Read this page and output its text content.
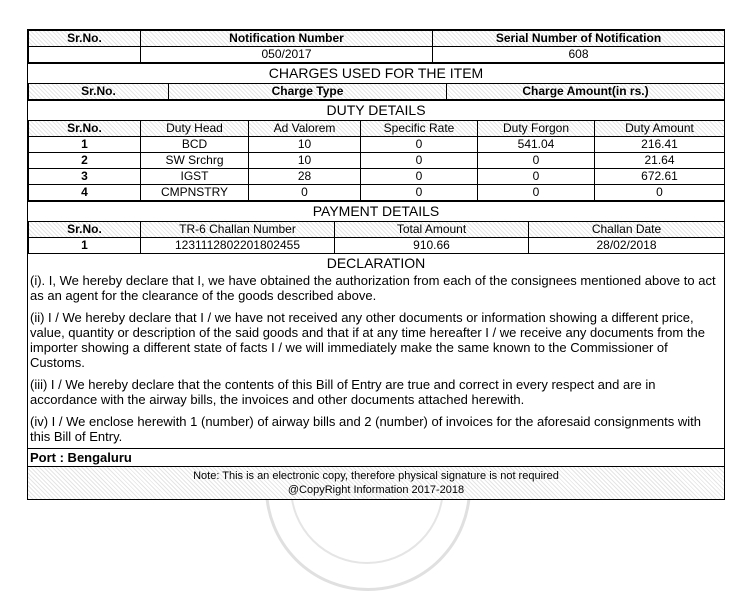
Sr.No.	Notification Number	Serial Number of Notification
	050/2017	608
CHARGES USED FOR THE ITEM
Sr.No.	Charge Type	Charge Amount(in rs.)
DUTY DETAILS
Sr.No.	Duty Head	Ad Valorem	Specific Rate	Duty Forgon	Duty Amount
1	BCD	10	0	541.04	216.41
2	SW Srchrg	10	0	0	21.64
3	IGST	28	0	0	672.61
4	CMPNSTRY	0	0	0	0
PAYMENT DETAILS
Sr.No.	TR-6 Challan Number	Total Amount	Challan Date
1	1231112802201802455	910.66	28/02/2018
DECLARATION

(i). I, We hereby declare that I, we have obtained the authorization from each of the consignees mentioned above to act as an agent for the clearance of the goods described above.

(ii) I / We hereby declare that I / we have not received any other documents or information showing a different price, value, quantity or description of the said goods and that if at any time hereafter I / we receive any documents from the importer showing a different state of facts I / we will immediately make the same known to the Commissioner of Customs.

(iii) I / We hereby declare that the contents of this Bill of Entry are true and correct in every respect and are in accordance with the airway bills, the invoices and other documents attached herewith.

(iv) I / We enclose herewith 1 (number) of airway bills and 2 (number) of invoices for the aforesaid consignments with this Bill of Entry.

Port : Bengaluru
Note: This is an electronic copy, therefore physical signature is not required
@CopyRight Information 2017-2018
